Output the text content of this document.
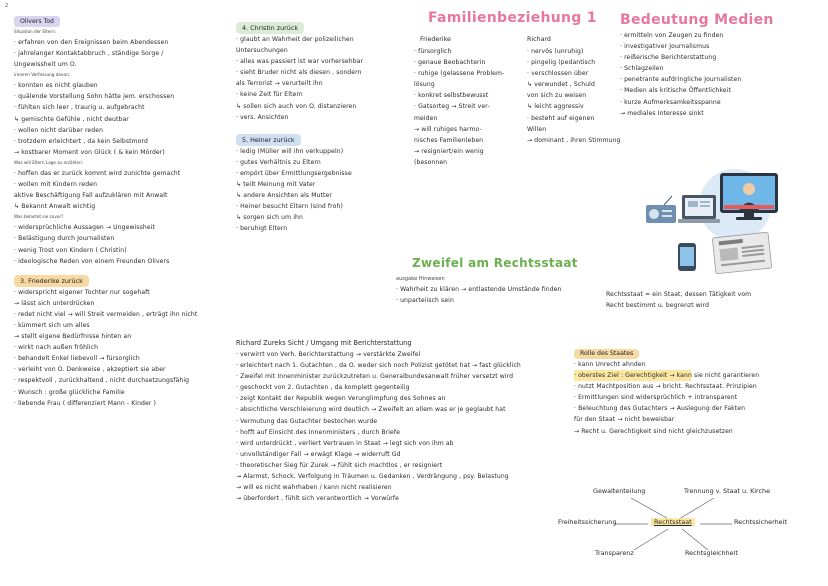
2
Olivers Tod
Situation der Eltern:
· erfahren von den Ereignissen beim Abendessen
· jahrelanger Kontaktabbruch , ständige Sorge /
Ungewissheit um O.
inneren Verfassung davon:
· konnten es nicht glauben
· quälende Vorstellung Sohn hätte jem. erschossen
· fühlten sich leer , traurig u. aufgebracht
↳ gemischte Gefühle , nicht deutbar
· wollen nicht darüber reden
· trotzdem erleichtert , da kein Selbstmord
→ kostbarer Moment von Glück ( & kein Mörder)
Was will Eltern Lage zu erzählen:
· hoffen das er zurück kommt wird zunichte gemacht
· wollen mit Kindern reden
aktive Beschäftigung Fall aufzuklären mit Anwalt
↳ Bekannt Anwalt wichtig
Was belastet sie zuvor?
· widersprüchliche Aussagen → Ungewissheit
· Belästigung durch Journalisten
· wenig Trost von Kindern ( Christin)
· ideologische Reden von einem Freunden Olivers
3. Friederike zurück
· widerspricht eigener Tochter nur sogehaft
→ lässt sich unterdrücken
· redet nicht viel → will Streit vermeiden , erträgt ihn nicht
· kümmert sich um alles
→ stellt eigene Bedürfnisse hinten an
· wirkt nach außen fröhlich
· behandelt Enkel liebevoll → fürsorglich
· verleiht von O. Denkweise , akzeptiert sie aber
· respektvoll , zurückhaltend , nicht durchsetzungsfähig
· Wunsch : große glückliche Familie
· liebende Frau ( differenziert Mann - Kinder )
4. Christin zurück
· glaubt an Wahrheit der polizeilichen
Untersuchungen
· alles was passiert ist war vorhersehbar
· sieht Bruder nicht als diesen , sondern
als Terrorist → verurteilt ihn
· keine Zeit für Eltern
↳ sollen sich auch von O. distanzieren
· vers. Ansichten
5. Heiner zurück
· ledig (Müller will ihn verkuppeln)
· gutes Verhältnis zu Eltern
· empört über Ermittlungsergebnisse
↳ teilt Meinung mit Vater
↳ andere Ansichten als Mutter
· Heiner besucht Eltern (sind froh)
↳ sorgen sich um ihn
· beruhigt Eltern
Familienbeziehung 1
Friederike
· fürsorglich
· genaue Beobachterin
· ruhige (gelassene Problem-
lösung
· konkret selbstbewusst
· Gatsorteg → Streit ver-
meiden
→ will ruhiges harmo-
nisches Familienleben
→ resigniert/ein wenig
(besonnen
Richard
· nervös (unruhig)
· pingelig (pedantisch
· verschlossen über
↳ verwundet , Schuld
von sich zu weisen
↳ leicht aggressiv
· besteht auf eigenen
Willen
→ dominant , ihren Stimmung
Bedeutung Medien
· ermitteln von Zeugen zu finden
· investigativer Journalismus
· reißerische Berichterstattung
· Schlagzeilen
· penetrante aufdringliche Journalisten
· Medien als kritische Öffentlichkeit
· kurze Aufmerksamkeitsspanne
→ mediales Interesse sinkt
Zweifel am Rechtsstaat
ausgabe Hinweisen
· Wahrheit zu klären → entlastende Umstände finden
· unparteiisch sein
Rechtsstaat = ein Staat, dessen Tätigkeit vom
Recht bestimmt u. begrenzt wird
Richard Zureks Sicht / Umgang mit Berichterstattung
· verwirrt von Verh. Berichterstattung → verstärkte Zweifel
· erleichtert nach 1. Gutachten , da O. weder sich noch Polizist getötet hat → fast glücklich
· Zweifel mit Innenminister zurückzutreten u. Generalbundesanwalt früher versetzt wird
· geschockt von 2. Gutachten , da komplett gegenteilig
· zeigt Kontakt der Republik wegen Verunglimpfung des Sohnes an
· absichtliche Verschleierung wird deutlich → Zweifelt an allem was er je geglaubt hat
· Vermutung das Gutachter bestochen wurde
· hofft auf Einsicht des Innenministers , durch Briefe
· wird unterdrückt , verliert Vertrauen in Staat → legt sich von ihm ab
· unvollständiger Fall → erwägt Klage → widerruft Gd
· theoretischer Sieg für Zurek → fühlt sich machtlos , er resigniert
→ Alarmst, Schock, Verfolgung in Träumen u. Gedanken , Verdrängung , psy. Belastung
→ will es nicht wahrhaben / kann nicht realisieren
→ überfordert , fühlt sich verantwortlich → Vorwürfe
Rolle des Staates
· kann Unrecht ahnden
· oberstes Ziel : Gerechtigkeit → kann sie nicht garantieren
· nutzt Machtposition aus → bricht. Rechtsstaat. Prinzipien
· Ermittlungen sind widersprüchlich + intransparent
· Beleuchtung des Gutachters → Auslegung der Fakten
für den Staat → nicht beweisbar
→ Recht u. Gerechtigkeit sind nicht gleichzusetzen
Rechtsstaat
Gewaltenteilung	Trennung v. Staat u. Kirche
Freiheitssicherung	Rechtssicherheit
Transparenz	Rechtsgleichheit
